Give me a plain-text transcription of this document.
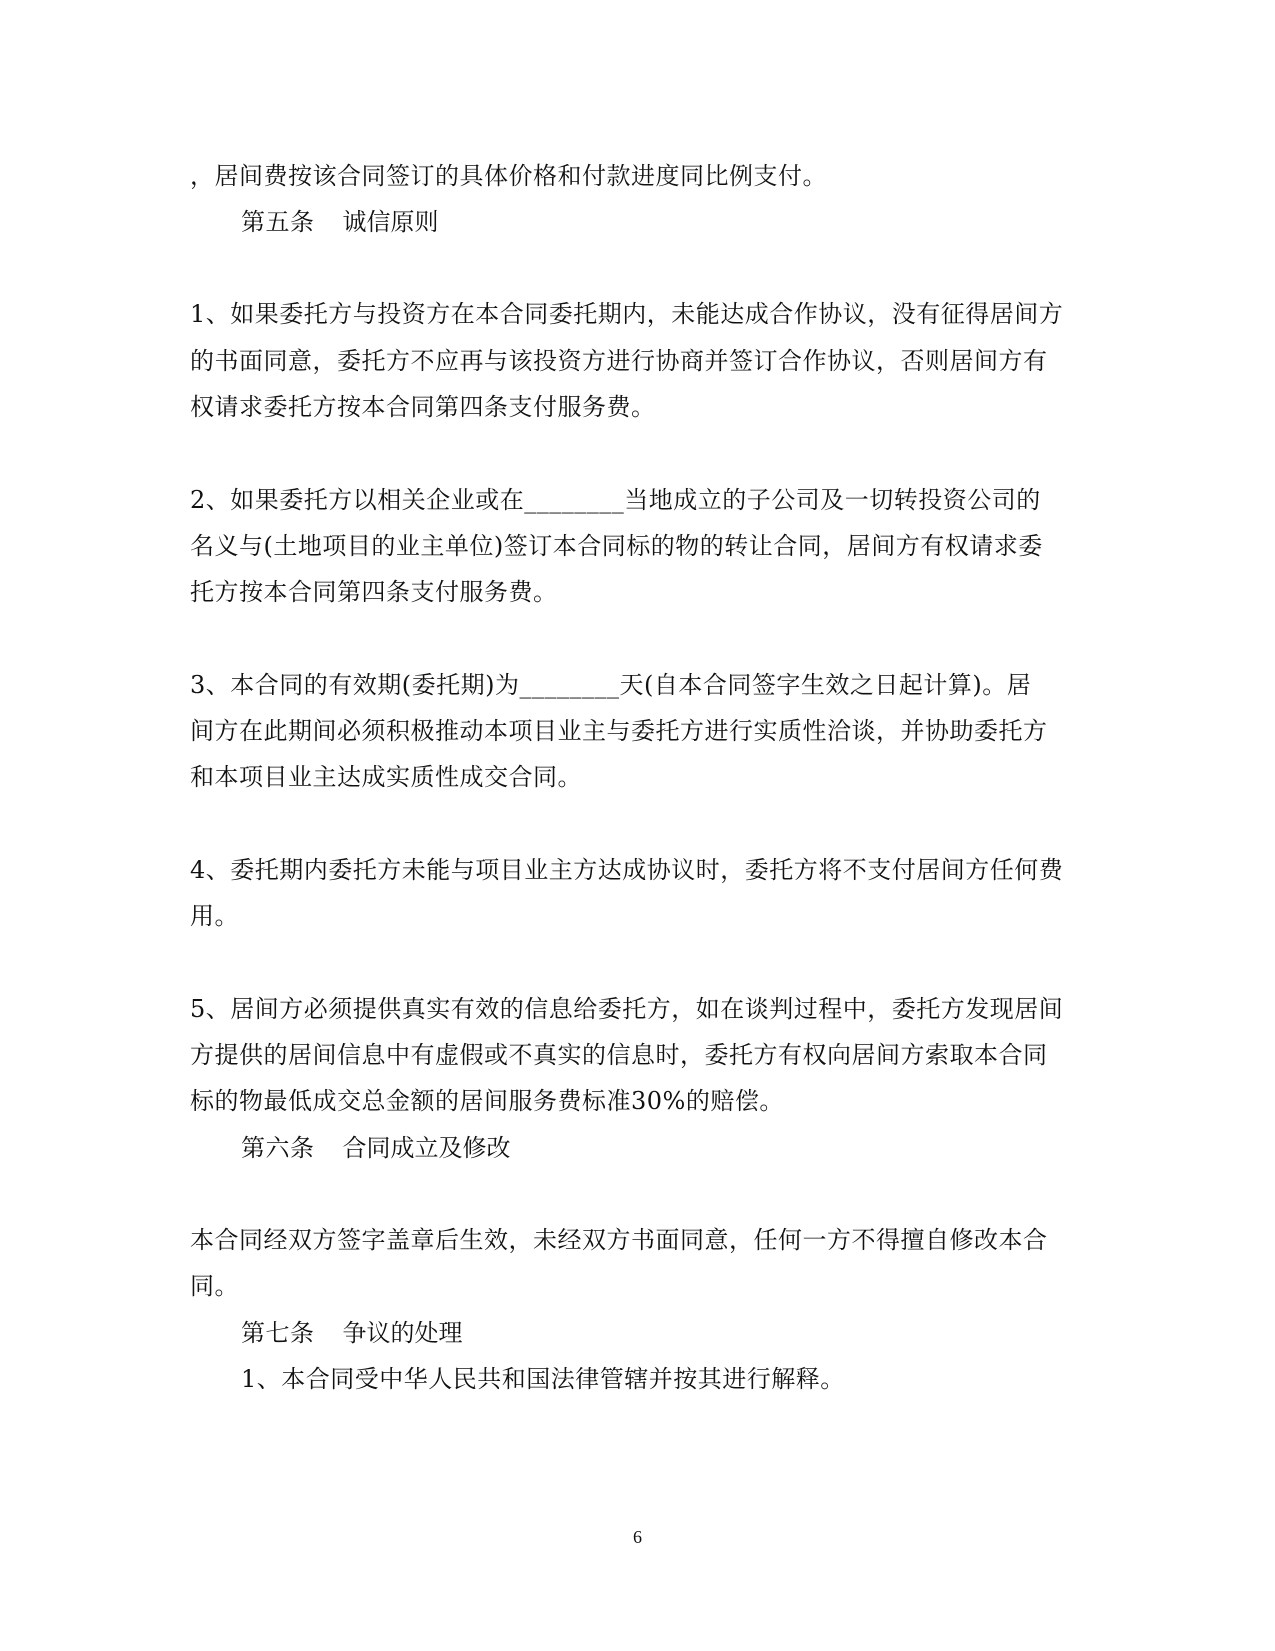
，居间费按该合同签订的具体价格和付款进度同比例支付。
第五条 诚信原则
1、如果委托方与投资方在本合同委托期内，未能达成合作协议，没有征得居间方
的书面同意，委托方不应再与该投资方进行协商并签订合作协议，否则居间方有
权请求委托方按本合同第四条支付服务费。
2、如果委托方以相关企业或在________当地成立的子公司及一切转投资公司的
名义与(土地项目的业主单位)签订本合同标的物的转让合同，居间方有权请求委
托方按本合同第四条支付服务费。
3、本合同的有效期(委托期)为________天(自本合同签字生效之日起计算)。居
间方在此期间必须积极推动本项目业主与委托方进行实质性洽谈，并协助委托方
和本项目业主达成实质性成交合同。
4、委托期内委托方未能与项目业主方达成协议时，委托方将不支付居间方任何费
用。
5、居间方必须提供真实有效的信息给委托方，如在谈判过程中，委托方发现居间
方提供的居间信息中有虚假或不真实的信息时，委托方有权向居间方索取本合同
标的物最低成交总金额的居间服务费标准30%的赔偿。
第六条 合同成立及修改
本合同经双方签字盖章后生效，未经双方书面同意，任何一方不得擅自修改本合
同。
第七条 争议的处理
1、本合同受中华人民共和国法律管辖并按其进行解释。
6
